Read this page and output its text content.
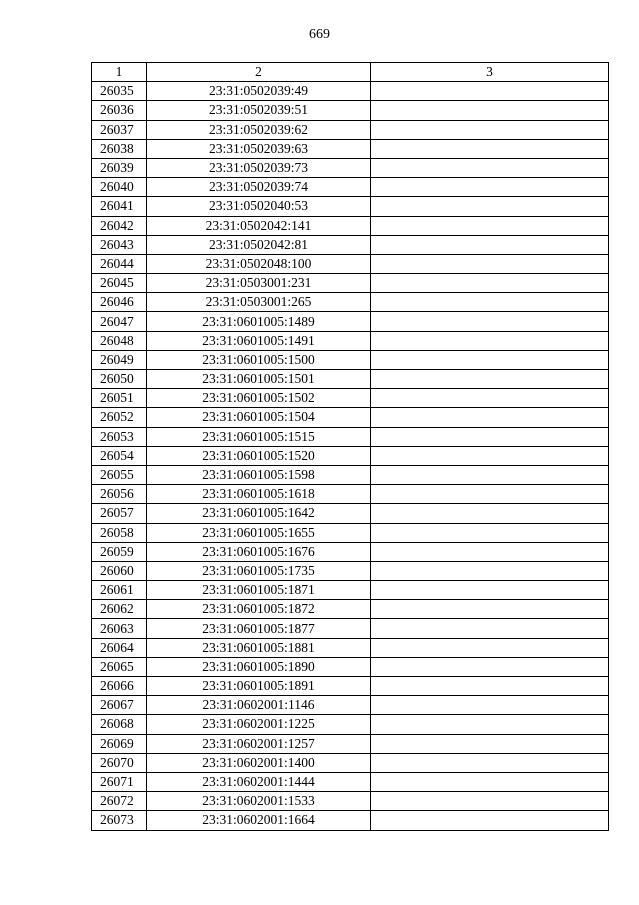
669
1	2	3
26035	23:31:0502039:49	
26036	23:31:0502039:51	
26037	23:31:0502039:62	
26038	23:31:0502039:63	
26039	23:31:0502039:73	
26040	23:31:0502039:74	
26041	23:31:0502040:53	
26042	23:31:0502042:141	
26043	23:31:0502042:81	
26044	23:31:0502048:100	
26045	23:31:0503001:231	
26046	23:31:0503001:265	
26047	23:31:0601005:1489	
26048	23:31:0601005:1491	
26049	23:31:0601005:1500	
26050	23:31:0601005:1501	
26051	23:31:0601005:1502	
26052	23:31:0601005:1504	
26053	23:31:0601005:1515	
26054	23:31:0601005:1520	
26055	23:31:0601005:1598	
26056	23:31:0601005:1618	
26057	23:31:0601005:1642	
26058	23:31:0601005:1655	
26059	23:31:0601005:1676	
26060	23:31:0601005:1735	
26061	23:31:0601005:1871	
26062	23:31:0601005:1872	
26063	23:31:0601005:1877	
26064	23:31:0601005:1881	
26065	23:31:0601005:1890	
26066	23:31:0601005:1891	
26067	23:31:0602001:1146	
26068	23:31:0602001:1225	
26069	23:31:0602001:1257	
26070	23:31:0602001:1400	
26071	23:31:0602001:1444	
26072	23:31:0602001:1533	
26073	23:31:0602001:1664	
